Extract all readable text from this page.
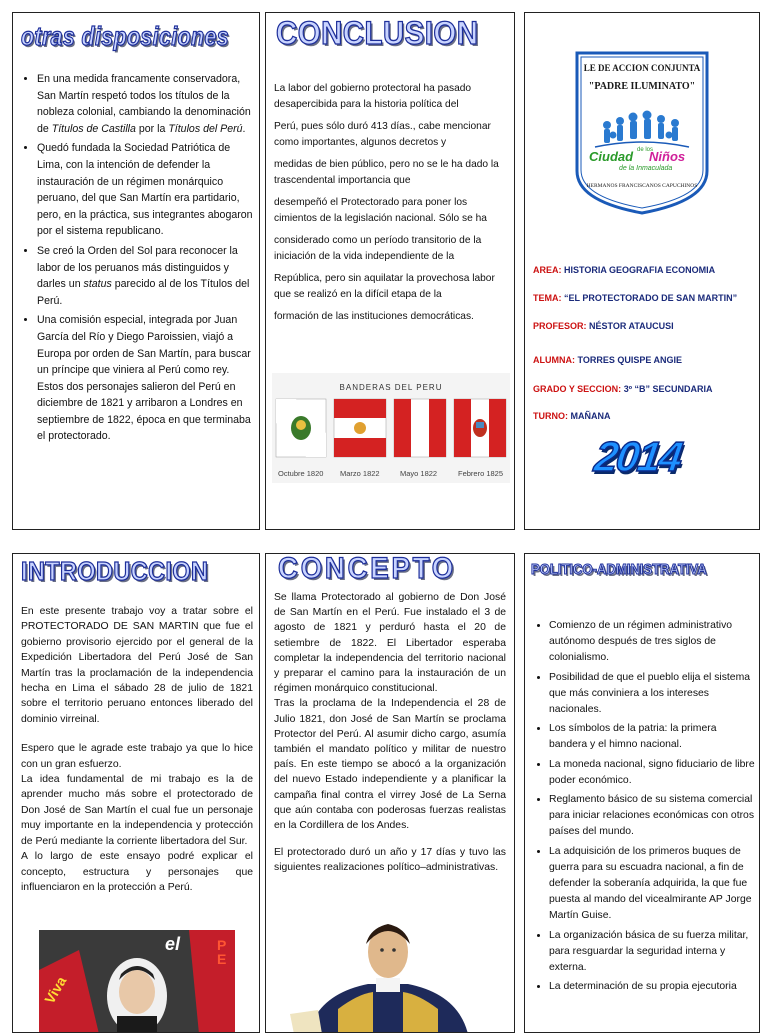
otras disposiciones
• En una medida francamente conservadora, San Martín respetó todos los títulos de la nobleza colonial, cambiando la denominación de Títulos de Castilla por la Títulos del Perú.
• Quedó fundada la Sociedad Patriótica de Lima, con la intención de defender la instauración de un régimen monárquico peruano, del que San Martín era partidario, pero, en la práctica, sus integrantes abogaron por el sistema republicano.
• Se creó la Orden del Sol para reconocer la labor de los peruanos más distinguidos y darles un status parecido al de los Títulos del Perú.
• Una comisión especial, integrada por Juan García del Río y Diego Paroissien, viajó a Europa por orden de San Martín, para buscar un príncipe que viniera al Perú como rey. Estos dos personajes salieron del Perú en diciembre de 1821 y arribaron a Londres en septiembre de 1822, época en que terminaba el protectorado.
CONCLUSION

La labor del gobierno protectoral ha pasado desapercibida para la historia política del

Perú, pues sólo duró 413 días., cabe mencionar como importantes, algunos decretos y

medidas de bien público, pero no se le ha dado la trascendental importancia que

desempeñó el Protectorado para poner los cimientos de la legislación nacional. Sólo se ha

considerado como un período transitorio de la iniciación de la vida independiente de la

República, pero sin aquilatar la provechosa labor que se realizó en la difícil etapa de la

formación de las instituciones democráticas.

BANDERAS DEL PERU
Octubre 1820 Marzo 1822	Mayo 1822	Febrero 1825
LE DE ACCION CONJUNTA
"PADRE ILUMINATO"
Ciudad de los
Niños
de la Inmaculada
HERMANOS FRANCISCANOS CAPUCHINOS
AREA: HISTORIA GEOGRAFIA ECONOMIA
TEMA: “EL PROTECTORADO DE SAN MARTIN”
PROFESOR: NÉSTOR ATAUCUSI
ALUMNA: TORRES QUISPE ANGIE
GRADO Y SECCION: 3º “B” SECUNDARIA
TURNO: MAÑANA
2014
INTRODUCCION

En este presente trabajo voy a tratar sobre el PROTECTORADO DE SAN MARTIN que fue el gobierno provisorio ejercido por el general de la Expedición Libertadora del Perú José de San Martín tras la proclamación de la independencia hecha en Lima el sábado 28 de julio de 1821 sobre el territorio peruano entonces liberado del dominio virreinal.

Espero que le agrade este trabajo ya que lo hice con un gran esfuerzo.

La idea fundamental de mi trabajo es la de aprender mucho más sobre el protectorado de Don José de San Martín el cual fue un personaje muy importante en la independencia y protección de Perú mediante la corriente libertadora del Sur.

A lo largo de este ensayo podré explicar el concepto, estructura y personajes que influenciaron en la protección a Perú.

el
Viva
PE
CONCEPTO

Se llama Protectorado al gobierno de Don José de San Martín en el Perú. Fue instalado el 3 de agosto de 1821 y perduró hasta el 20 de setiembre de 1822. El Libertador esperaba completar la independencia del territorio nacional y preparar el camino para la instauración de un régimen monárquico constitucional.

Tras la proclama de la Independencia el 28 de Julio 1821, don José de San Martín se proclama Protector del Perú. Al asumir dicho cargo, asumía también el mandato político y militar de nuestro país. En este tiempo se abocó a la organización del nuevo Estado independiente y a planificar la campaña final contra el virrey José de La Serna que aún contaba con poderosas fuerzas realistas en la Cordillera de los Andes.

El protectorado duró un año y 17 días y tuvo las siguientes realizaciones político–administrativas.

POLITICO-ADMINISTRATIVA
• Comienzo de un régimen administrativo autónomo después de tres siglos de colonialismo.
• Posibilidad de que el pueblo elija el sistema que más conviniera a los intereses nacionales.
• Los símbolos de la patria: la primera bandera y el himno nacional.
• La moneda nacional, signo fiduciario de libre poder económico.
• Reglamento básico de su sistema comercial para iniciar relaciones económicas con otros países del mundo.
• La adquisición de los primeros buques de guerra para su escuadra nacional, a fin de defender la soberanía adquirida, la que fue puesta al mando del vicealmirante AP Jorge Martín Guise.
• La organización básica de su fuerza militar, para resguardar la seguridad interna y externa.
• La determinación de su propia ejecutoria
